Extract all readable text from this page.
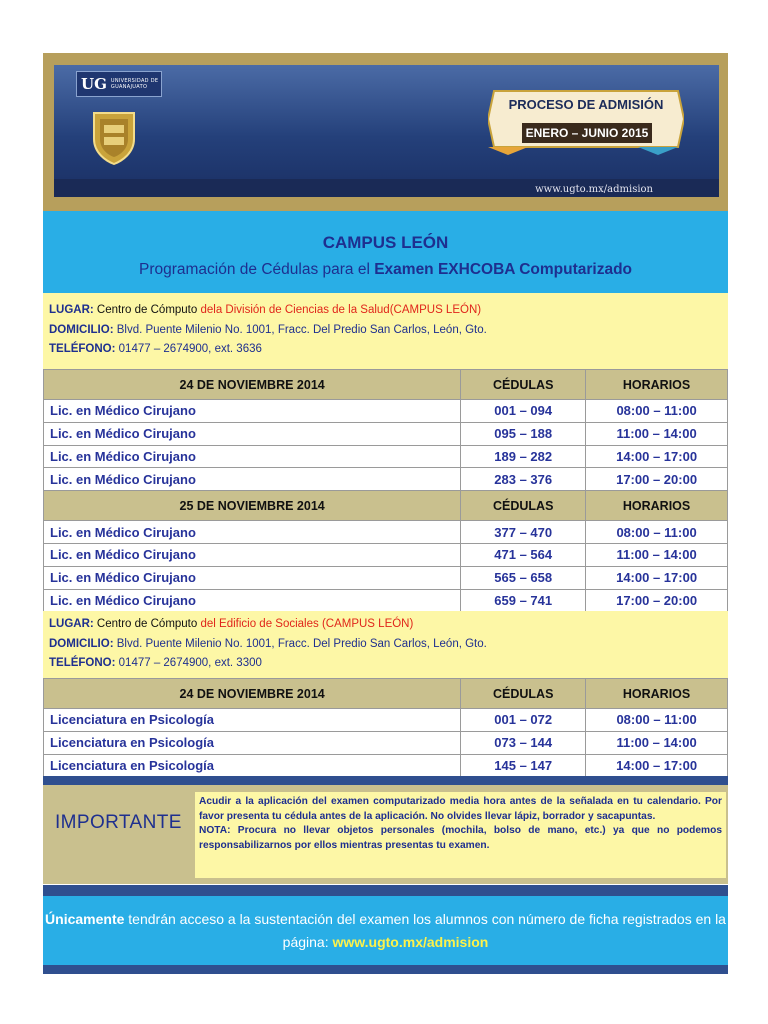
UG UNIVERSIDAD DE GUANAJUATO
PROCESO DE ADMISIÓN
ENERO – JUNIO 2015
www.ugto.mx/admision
CAMPUS LEÓN
Programación de Cédulas para el Examen EXHCOBA Computarizado
LUGAR: Centro de Cómputo dela División de Ciencias de la Salud(CAMPUS LEÓN)
DOMICILIO: Blvd. Puente Milenio No. 1001, Fracc. Del Predio San Carlos, León, Gto.
TELÉFONO: 01477 – 2674900, ext. 3636
24 DE NOVIEMBRE 2014	CÉDULAS	HORARIOS
Lic. en Médico Cirujano	001 – 094	08:00 – 11:00
Lic. en Médico Cirujano	095 – 188	11:00 – 14:00
Lic. en Médico Cirujano	189 – 282	14:00 – 17:00
Lic. en Médico Cirujano	283 – 376	17:00 – 20:00
25 DE NOVIEMBRE 2014	CÉDULAS	HORARIOS
Lic. en Médico Cirujano	377 – 470	08:00 – 11:00
Lic. en Médico Cirujano	471 – 564	11:00 – 14:00
Lic. en Médico Cirujano	565 – 658	14:00 – 17:00
Lic. en Médico Cirujano	659 – 741	17:00 – 20:00
LUGAR: Centro de Cómputo del Edificio de Sociales (CAMPUS LEÓN)
DOMICILIO: Blvd. Puente Milenio No. 1001, Fracc. Del Predio San Carlos, León, Gto.
TELÉFONO: 01477 – 2674900, ext. 3300
24 DE NOVIEMBRE 2014	CÉDULAS	HORARIOS
Licenciatura en Psicología	001 – 072	08:00 – 11:00
Licenciatura en Psicología	073 – 144	11:00 – 14:00
Licenciatura en Psicología	145 – 147	14:00 – 17:00
IMPORTANTE
Acudir a la aplicación del examen computarizado media hora antes de la señalada en tu calendario. Por favor presenta tu cédula antes de la aplicación. No olvides llevar lápiz, borrador y sacapuntas.
NOTA: Procura no llevar objetos personales (mochila, bolso de mano, etc.) ya que no podemos responsabilizarnos por ellos mientras presentas tu examen.
Únicamente tendrán acceso a la sustentación del examen los alumnos con número de ficha registrados en la página: www.ugto.mx/admision
